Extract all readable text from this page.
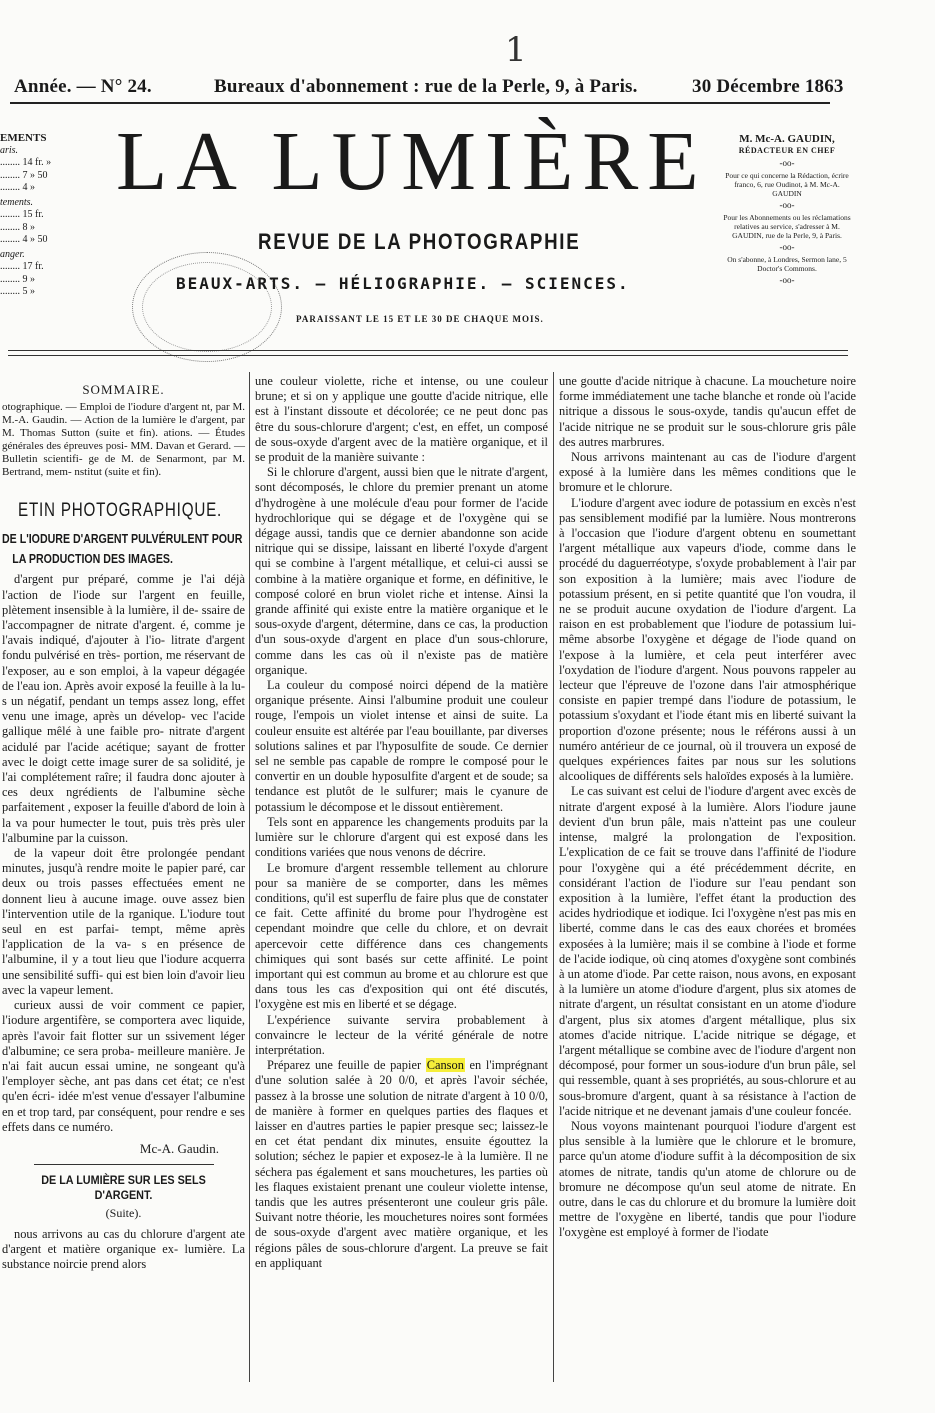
1
Année. — N° 24.	Bureaux d'abonnement : rue de la Perle, 9, à Paris.	30 Décembre 1863
EMENTS
aris.
........ 14 fr. »
........ 7 » 50
........ 4 »
tements.
........ 15 fr.
........ 8 »
........ 4 » 50
anger.
........ 17 fr.
........ 9 »
........ 5 »
LA LUMIÈRE
REVUE DE LA PHOTOGRAPHIE
BEAUX-ARTS. — HÉLIOGRAPHIE. — SCIENCES.
PARAISSANT LE 15 ET LE 30 DE CHAQUE MOIS.
M. Mc-A. GAUDIN,
RÉDACTEUR EN CHEF
-oo-

Pour ce qui concerne la Rédaction, écrire franco, 6, rue Oudinot, à M. Mc-A. GAUDIN

-oo-

Pour les Abonnements ou les réclamations relatives au service, s'adresser à M. GAUDIN, rue de la Perle, 9, à Paris.

-oo-

On s'abonne, à Londres, Sermon lane, 5 Doctor's Commons.

-oo-
SOMMAIRE.
otographique. — Emploi de l'iodure d'argent nt, par M. M.-A. Gaudin. — Action de la lumière le d'argent, par M. Thomas Sutton (suite et fin). ations. — Études générales des épreuves posi- MM. Davan et Gerard. — Bulletin scientifi- ge de M. de Senarmont, par M. Bertrand, mem- nstitut (suite et fin).
ETIN PHOTOGRAPHIQUE.
DE L'IODURE D'ARGENT PULVÉRULENT POUR
LA PRODUCTION DES IMAGES.

d'argent pur préparé, comme je l'ai déjà l'action de l'iode sur l'argent en feuille, plètement insensible à la lumière, il de- ssaire de l'accompagner de nitrate d'argent. é, comme je l'avais indiqué, d'ajouter à l'io- litrate d'argent fondu pulvérisé en très- portion, me réservant de l'exposer, au e son emploi, à la vapeur dégagée de l'eau ion. Après avoir exposé la feuille à la lu- s un négatif, pendant un temps assez long, effet venu une image, après un dévelop- vec l'acide gallique mêlé à une faible pro- nitrate d'argent acidulé par l'acide acétique; sayant de frotter avec le doigt cette image surer de sa solidité, je l'ai complétement raîre; il faudra donc ajouter à ces deux ngrédients de l'albumine sèche parfaitement , exposer la feuille d'abord de loin à la va pour humecter le tout, puis très près uler l'albumine par la cuisson.

de la vapeur doit être prolongée pendant minutes, jusqu'à rendre moite le papier paré, car deux ou trois passes effectuées ement ne donnent lieu à aucune image. ouve assez bien l'intervention utile de la rganique. L'iodure tout seul en est parfai- tempt, même après l'application de la va- s en présence de l'albumine, il y a tout lieu que l'iodure acquerra une sensibilité suffi- qui est bien loin d'avoir lieu avec la vapeur lement.

curieux aussi de voir comment ce papier, l'iodure argentifère, se comportera avec liquide, après l'avoir fait flotter sur un ssivement léger d'albumine; ce sera proba- meilleure manière. Je n'ai fait aucun essai umine, ne songeant qu'à l'employer sèche, ant pas dans cet état; ce n'est qu'en écri- idée m'est venue d'essayer l'albumine en et trop tard, par conséquent, pour rendre e ses effets dans ce numéro.

Mc-A. Gaudin.
DE LA LUMIÈRE SUR LES SELS D'ARGENT.
(Suite).

nous arrivons au cas du chlorure d'argent ate d'argent et matière organique ex- lumière. La substance noircie prend alors

une couleur violette, riche et intense, ou une couleur brune; et si on y applique une goutte d'acide nitrique, elle est à l'instant dissoute et décolorée; ce ne peut donc pas être du sous-chlorure d'argent; c'est, en effet, un composé de sous-oxyde d'argent avec de la matière organique, et il se produit de la manière suivante :

Si le chlorure d'argent, aussi bien que le nitrate d'argent, sont décomposés, le chlore du premier prenant un atome d'hydrogène à une molécule d'eau pour former de l'acide hydrochlorique qui se dégage et de l'oxygène qui se dégage aussi, tandis que ce dernier abandonne son acide nitrique qui se dissipe, laissant en liberté l'oxyde d'argent qui se combine à l'argent métallique, et celui-ci aussi se combine à la matière organique et forme, en définitive, le composé coloré en brun violet riche et intense. Ainsi la grande affinité qui existe entre la matière organique et le sous-oxyde d'argent, détermine, dans ce cas, la production d'un sous-oxyde d'argent en place d'un sous-chlorure, comme dans les cas où il n'existe pas de matière organique.

La couleur du composé noirci dépend de la matière organique présente. Ainsi l'albumine produit une couleur rouge, l'empois un violet intense et ainsi de suite. La couleur ensuite est altérée par l'eau bouillante, par diverses solutions salines et par l'hyposulfite de soude. Ce dernier sel ne semble pas capable de rompre le composé pour le convertir en un double hyposulfite d'argent et de soude; sa tendance est plutôt de le sulfurer; mais le cyanure de potassium le décompose et le dissout entièrement.

Tels sont en apparence les changements produits par la lumière sur le chlorure d'argent qui est exposé dans les conditions variées que nous venons de décrire.

Le bromure d'argent ressemble tellement au chlorure pour sa manière de se comporter, dans les mêmes conditions, qu'il est superflu de faire plus que de constater ce fait. Cette affinité du brome pour l'hydrogène est cependant moindre que celle du chlore, et on devrait apercevoir cette différence dans ces changements chimiques qui sont basés sur cette affinité. Le point important qui est commun au brome et au chlorure est que dans tous les cas d'exposition qui ont été discutés, l'oxygène est mis en liberté et se dégage.

L'expérience suivante servira probablement à convaincre le lecteur de la vérité générale de notre interprétation.

Préparez une feuille de papier Canson en l'imprégnant d'une solution salée à 20 0/0, et après l'avoir séchée, passez à la brosse une solution de nitrate d'argent à 10 0/0, de manière à former en quelques parties des flaques et laisser en d'autres parties le papier presque sec; laissez-le en cet état pendant dix minutes, ensuite égouttez la solution; séchez le papier et exposez-le à la lumière. Il ne séchera pas également et sans mouchetures, les parties où les flaques existaient prenant une couleur violette intense, tandis que les autres présenteront une couleur gris pâle. Suivant notre théorie, les mouchetures noires sont formées de sous-oxyde d'argent avec matière organique, et les régions pâles de sous-chlorure d'argent. La preuve se fait en appliquant

une goutte d'acide nitrique à chacune. La moucheture noire forme immédiatement une tache blanche et ronde où l'acide nitrique a dissous le sous-oxyde, tandis qu'aucun effet de l'acide nitrique ne se produit sur le sous-chlorure gris pâle des autres marbrures.

Nous arrivons maintenant au cas de l'iodure d'argent exposé à la lumière dans les mêmes conditions que le bromure et le chlorure.

L'iodure d'argent avec iodure de potassium en excès n'est pas sensiblement modifié par la lumière. Nous montrerons à l'occasion que l'iodure d'argent obtenu en soumettant l'argent métallique aux vapeurs d'iode, comme dans le procédé du daguerréotype, s'oxyde probablement à l'air par son exposition à la lumière; mais avec l'iodure de potassium présent, en si petite quantité que l'on voudra, il ne se produit aucune oxydation de l'iodure d'argent. La raison en est probablement que l'iodure de potassium lui-même absorbe l'oxygène et dégage de l'iode quand on l'expose à la lumière, et cela peut interférer avec l'oxydation de l'iodure d'argent. Nous pouvons rappeler au lecteur que l'épreuve de l'ozone dans l'air atmosphérique consiste en papier trempé dans l'iodure de potassium, le potassium s'oxydant et l'iode étant mis en liberté suivant la proportion d'ozone présente; nous le référons aussi à un numéro antérieur de ce journal, où il trouvera un exposé de quelques expériences faites par nous sur les solutions alcooliques de différents sels haloïdes exposés à la lumière.

Le cas suivant est celui de l'iodure d'argent avec excès de nitrate d'argent exposé à la lumière. Alors l'iodure jaune devient d'un brun pâle, mais n'atteint pas une couleur intense, malgré la prolongation de l'exposition. L'explication de ce fait se trouve dans l'affinité de l'iodure pour l'oxygène qui a été précédemment décrite, en considérant l'action de l'iodure sur l'eau pendant son exposition à la lumière, l'effet étant la production des acides hydriodique et iodique. Ici l'oxygène n'est pas mis en liberté, comme dans le cas des eaux chorées et bromées exposées à la lumière; mais il se combine à l'iode et forme de l'acide iodique, où cinq atomes d'oxygène sont combinés à un atome d'iode. Par cette raison, nous avons, en exposant à la lumière un atome d'iodure d'argent, plus six atomes de nitrate d'argent, un résultat consistant en un atome d'iodure d'argent, plus six atomes d'argent métallique, plus six atomes d'acide nitrique. L'acide nitrique se dégage, et l'argent métallique se combine avec de l'iodure d'argent non décomposé, pour former un sous-iodure d'un brun pâle, sel qui ressemble, quant à ses propriétés, au sous-chlorure et au sous-bromure d'argent, quant à sa résistance à l'action de l'acide nitrique et ne devenant jamais d'une couleur foncée.

Nous voyons maintenant pourquoi l'iodure d'argent est plus sensible à la lumière que le chlorure et le bromure, parce qu'un atome d'iodure suffit à la décomposition de six atomes de nitrate, tandis qu'un atome de chlorure ou de bromure ne décompose qu'un seul atome de nitrate. En outre, dans le cas du chlorure et du bromure la lumière doit mettre de l'oxygène en liberté, tandis que pour l'iodure l'oxygène est employé à former de l'iodate
